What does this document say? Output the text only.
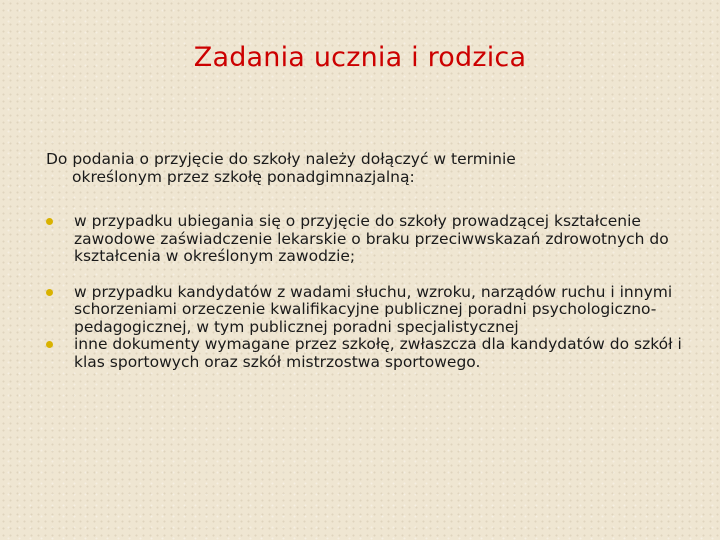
Zadania ucznia i rodzica
Do podania o przyjęcie do szkoły należy dołączyć w terminie
określonym przez szkołę ponadgimnazjalną:
w przypadku ubiegania się o przyjęcie do szkoły prowadzącej kształcenie zawodowe zaświadczenie lekarskie o braku przeciwwskazań zdrowotnych do kształcenia w określonym zawodzie;
w przypadku kandydatów z wadami słuchu, wzroku, narządów ruchu i innymi schorzeniami orzeczenie kwalifikacyjne publicznej poradni psychologiczno-pedagogicznej, w tym publicznej poradni specjalistycznej
inne dokumenty wymagane przez szkołę, zwłaszcza dla kandydatów do szkół i klas sportowych oraz szkół mistrzostwa sportowego.
